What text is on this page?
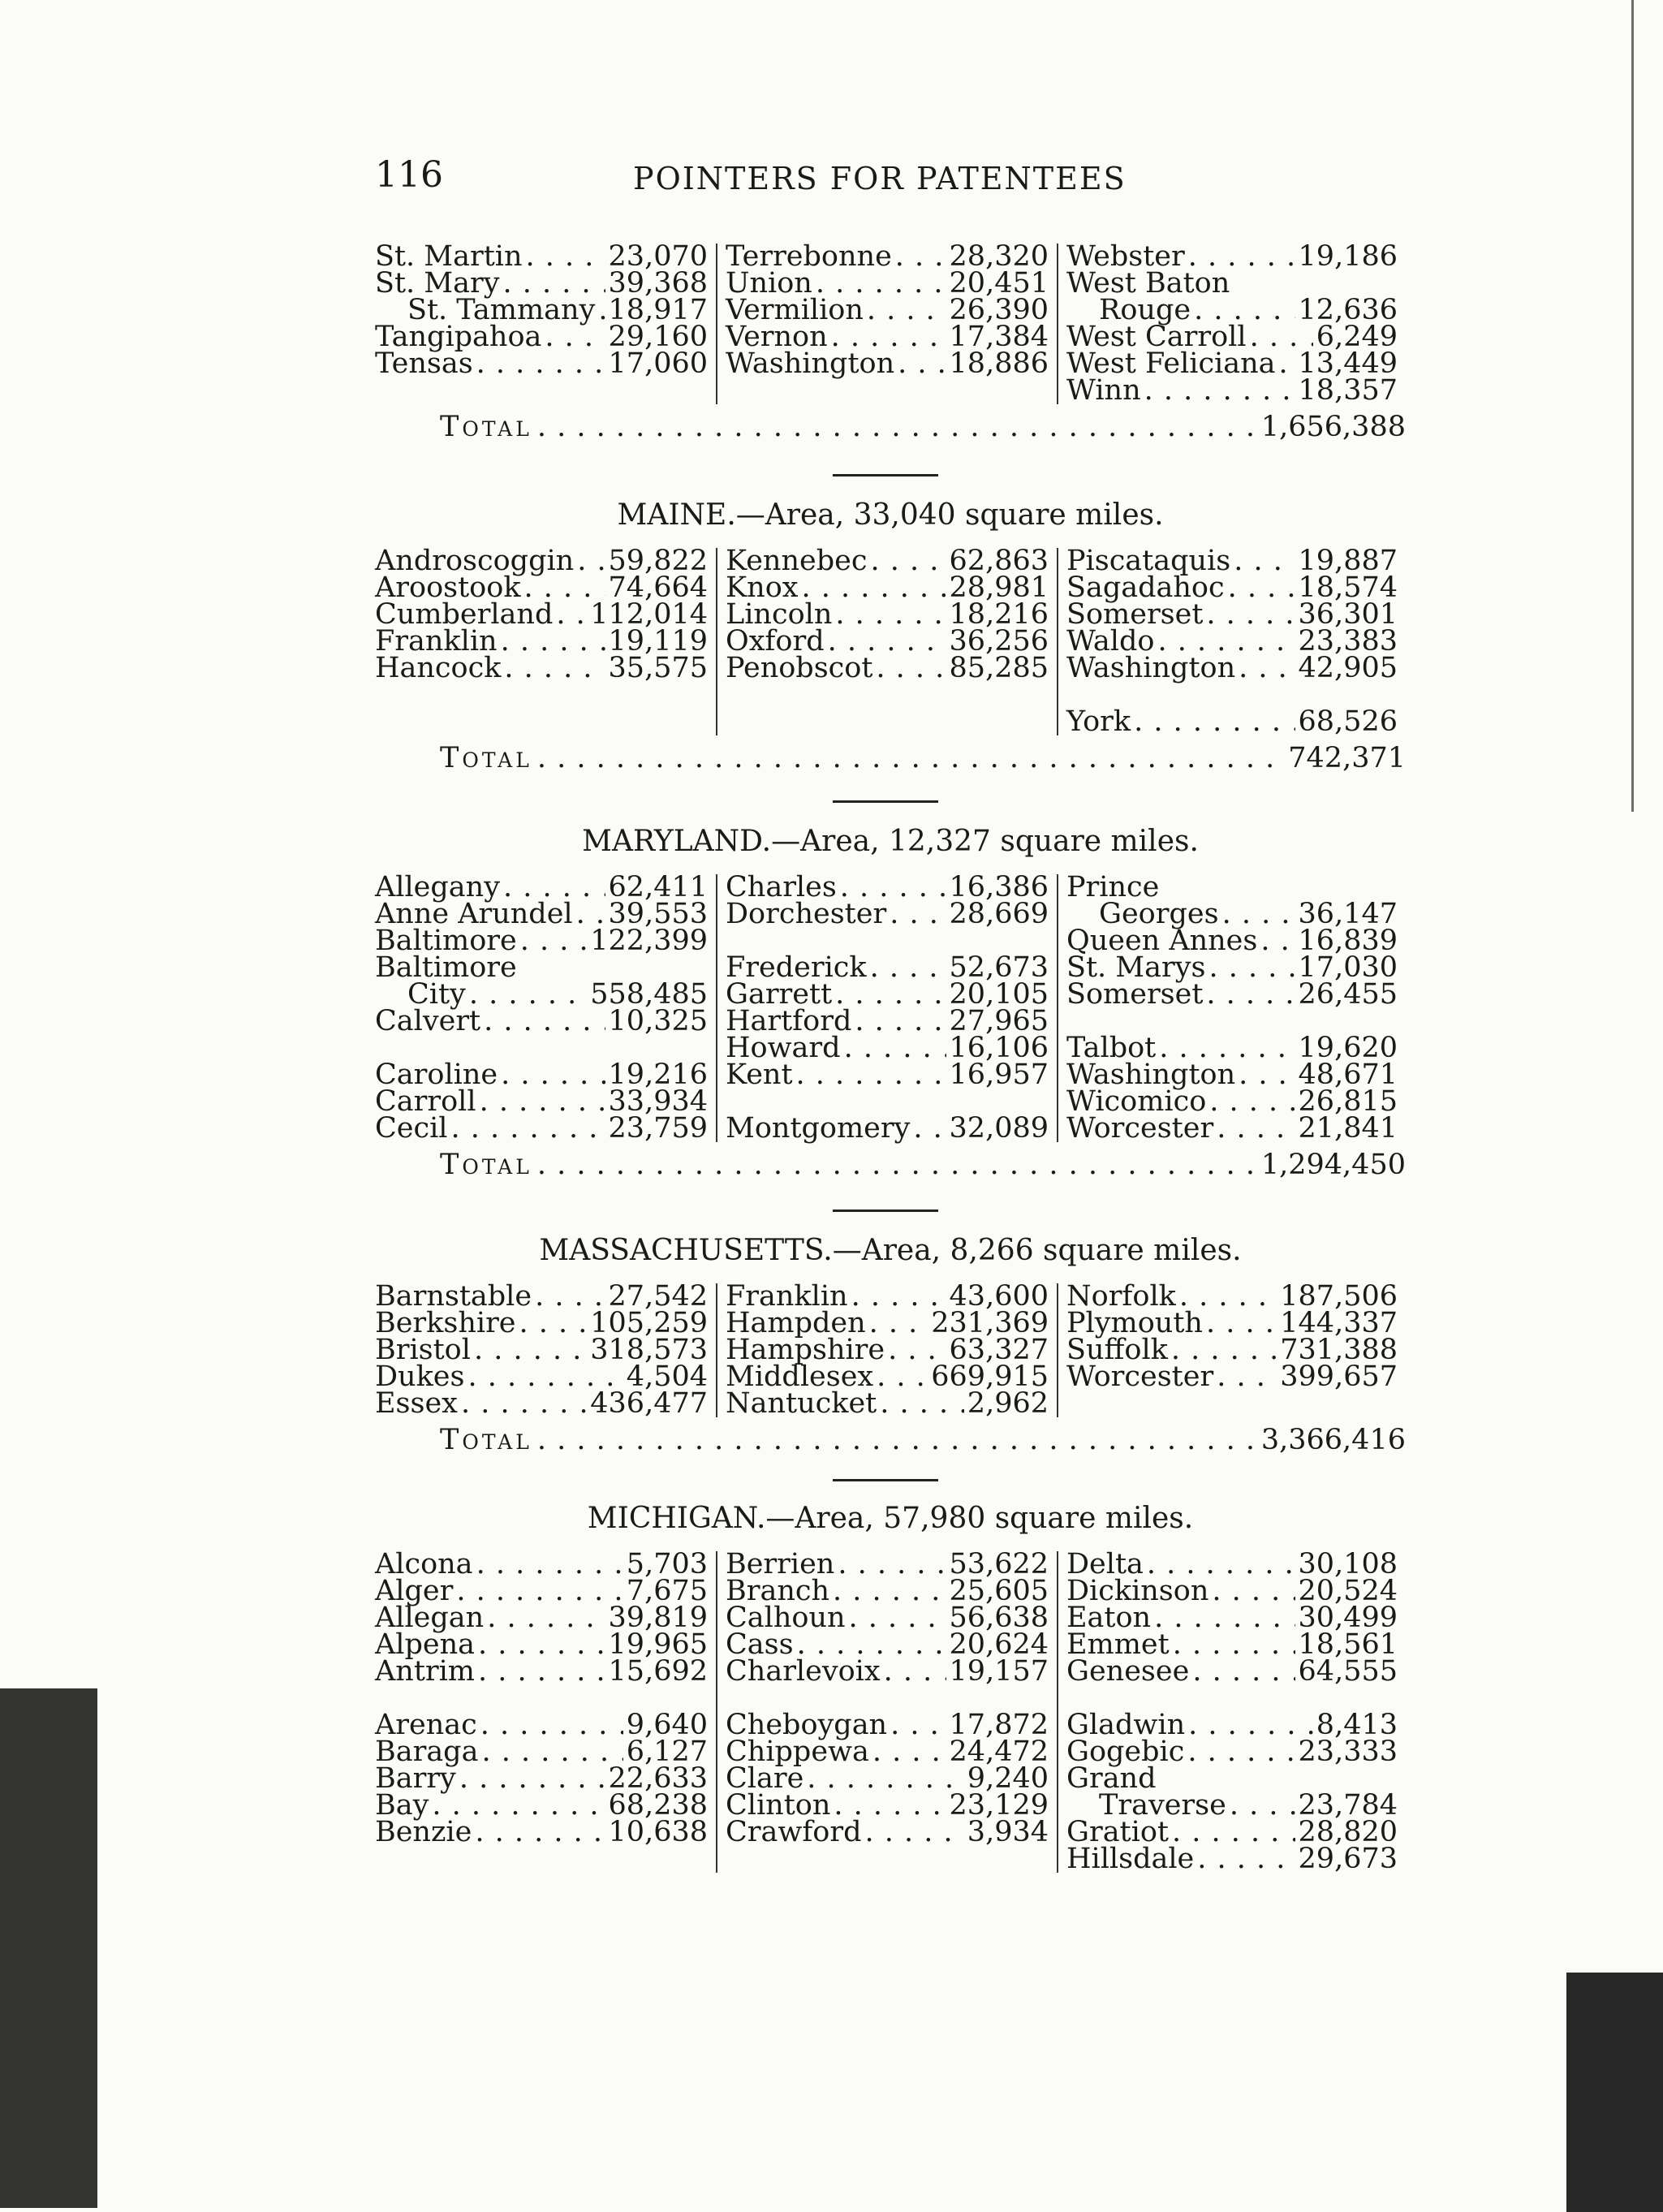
116	POINTERS FOR PATENTEES
St. Martin . . .	23,070
St. Mary . . .	39,368
St. Tammany . . . 18,917
Tangipahoa . . . 29,160
Tensas . . .	17,060
Terrebonne . . . 28,320
Union . . .	20,451
Vermilion . . .	26,390
Vernon . . .	17,384
Washington . . . 18,886
Webster . . .	19,186
West Baton
Rouge . . .	12,636
West Carroll . . . 6,249
West Feliciana . . . 13,449
Winn . . .	18,357
Total . . .	1,656,388
MAINE.—Area, 33,040 square miles.
Androscoggin . . . 59,822
Aroostook . . .	74,664
Cumberland . . . 112,014
Franklin . . .	19,119
Hancock . . .	35,575
Kennebec . . .	62,863
Knox . . .	28,981
Lincoln . . .	18,216
Oxford . . .	36,256
Penobscot . . .	85,285
Piscataquis . . . 19,887
Sagadahoc . . .	18,574
Somerset . . .	36,301
Waldo . . .	23,383
Washington . . . 42,905
York . . .	68,526
Total . . .	742,371
MARYLAND.—Area, 12,327 square miles.
Allegany . . .	62,411
Anne Arundel . . . 39,553
Baltimore . . .	122,399
Baltimore
City . . .	558,485
Calvert . . .	10,325
Caroline . . .	19,216
Carroll . . .	33,934
Cecil . . .	23,759
Charles . . .	16,386
Dorchester . . . 28,669
Frederick . . .	52,673
Garrett . . .	20,105
Hartford . . .	27,965
Howard . . .	16,106
Kent . . .	16,957
Montgomery . . . 32,089
Prince
Georges . . .	36,147
Queen Annes . . . 16,839
St. Marys . . .	17,030
Somerset . . .	26,455
Talbot . . .	19,620
Washington . . . 48,671
Wicomico . . .	26,815
Worcester . . .	21,841
Total . . .	1,294,450
MASSACHUSETTS.—Area, 8,266 square miles.
Barnstable . . .	27,542
Berkshire . . .	105,259
Bristol . . .	318,573
Dukes . . .	4,504
Essex . . .	436,477
Franklin . . .	43,600
Hampden . . . 231,369
Hampshire . . . 63,327
Middlesex . . . 669,915
Nantucket . . .	2,962
Norfolk . . .	187,506
Plymouth . . .	144,337
Suffolk . . .	731,388
Worcester . . . 399,657
Total . . .	3,366,416
MICHIGAN.—Area, 57,980 square miles.
Alcona . . .	5,703
Alger . . .	7,675
Allegan . . .	39,819
Alpena . . .	19,965
Antrim . . .	15,692
Arenac . . .	9,640
Baraga . . .	6,127
Barry . . .	22,633
Bay . . .	68,238
Benzie . . .	10,638
Berrien . . .	53,622
Branch . . .	25,605
Calhoun . . .	56,638
Cass . . .	20,624
Charlevoix . . . 19,157
Cheboygan . . . 17,872
Chippewa . . .	24,472
Clare . . .	9,240
Clinton . . .	23,129
Crawford . . .	3,934
Delta . . .	30,108
Dickinson . . .	20,524
Eaton . . .	30,499
Emmet . . .	18,561
Genesee . . .	64,555
Gladwin . . .	8,413
Gogebic . . .	23,333
Grand
Traverse . . .	23,784
Gratiot . . .	28,820
Hillsdale . . .	29,673
